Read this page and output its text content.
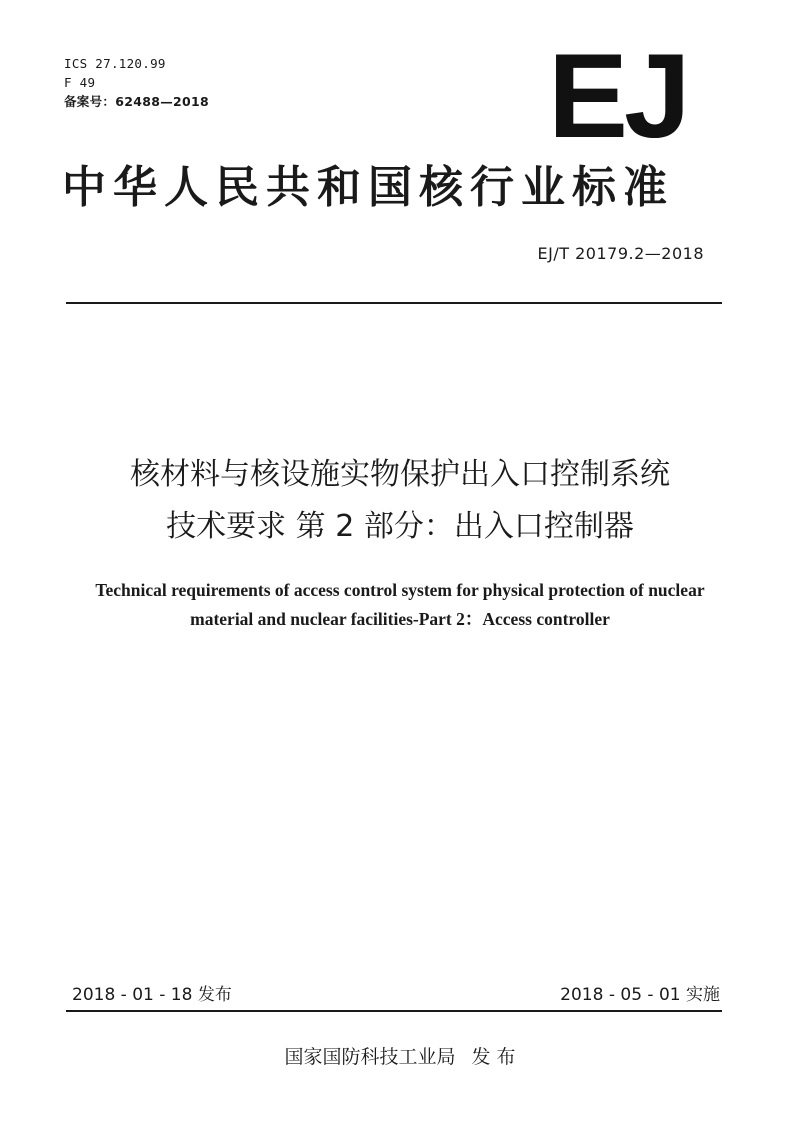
ICS 27.120.99
F 49
备案号：62488—2018	EJ
中华人民共和国核行业标准
EJ/T 20179.2—2018
核材料与核设施实物保护出入口控制系统
技术要求 第 2 部分：出入口控制器
Technical requirements of access control system for physical protection of nuclear
material and nuclear facilities-Part 2：Access controller
2018 - 01 - 18 发布	2018 - 05 - 01 实施
国家国防科技工业局 发 布
